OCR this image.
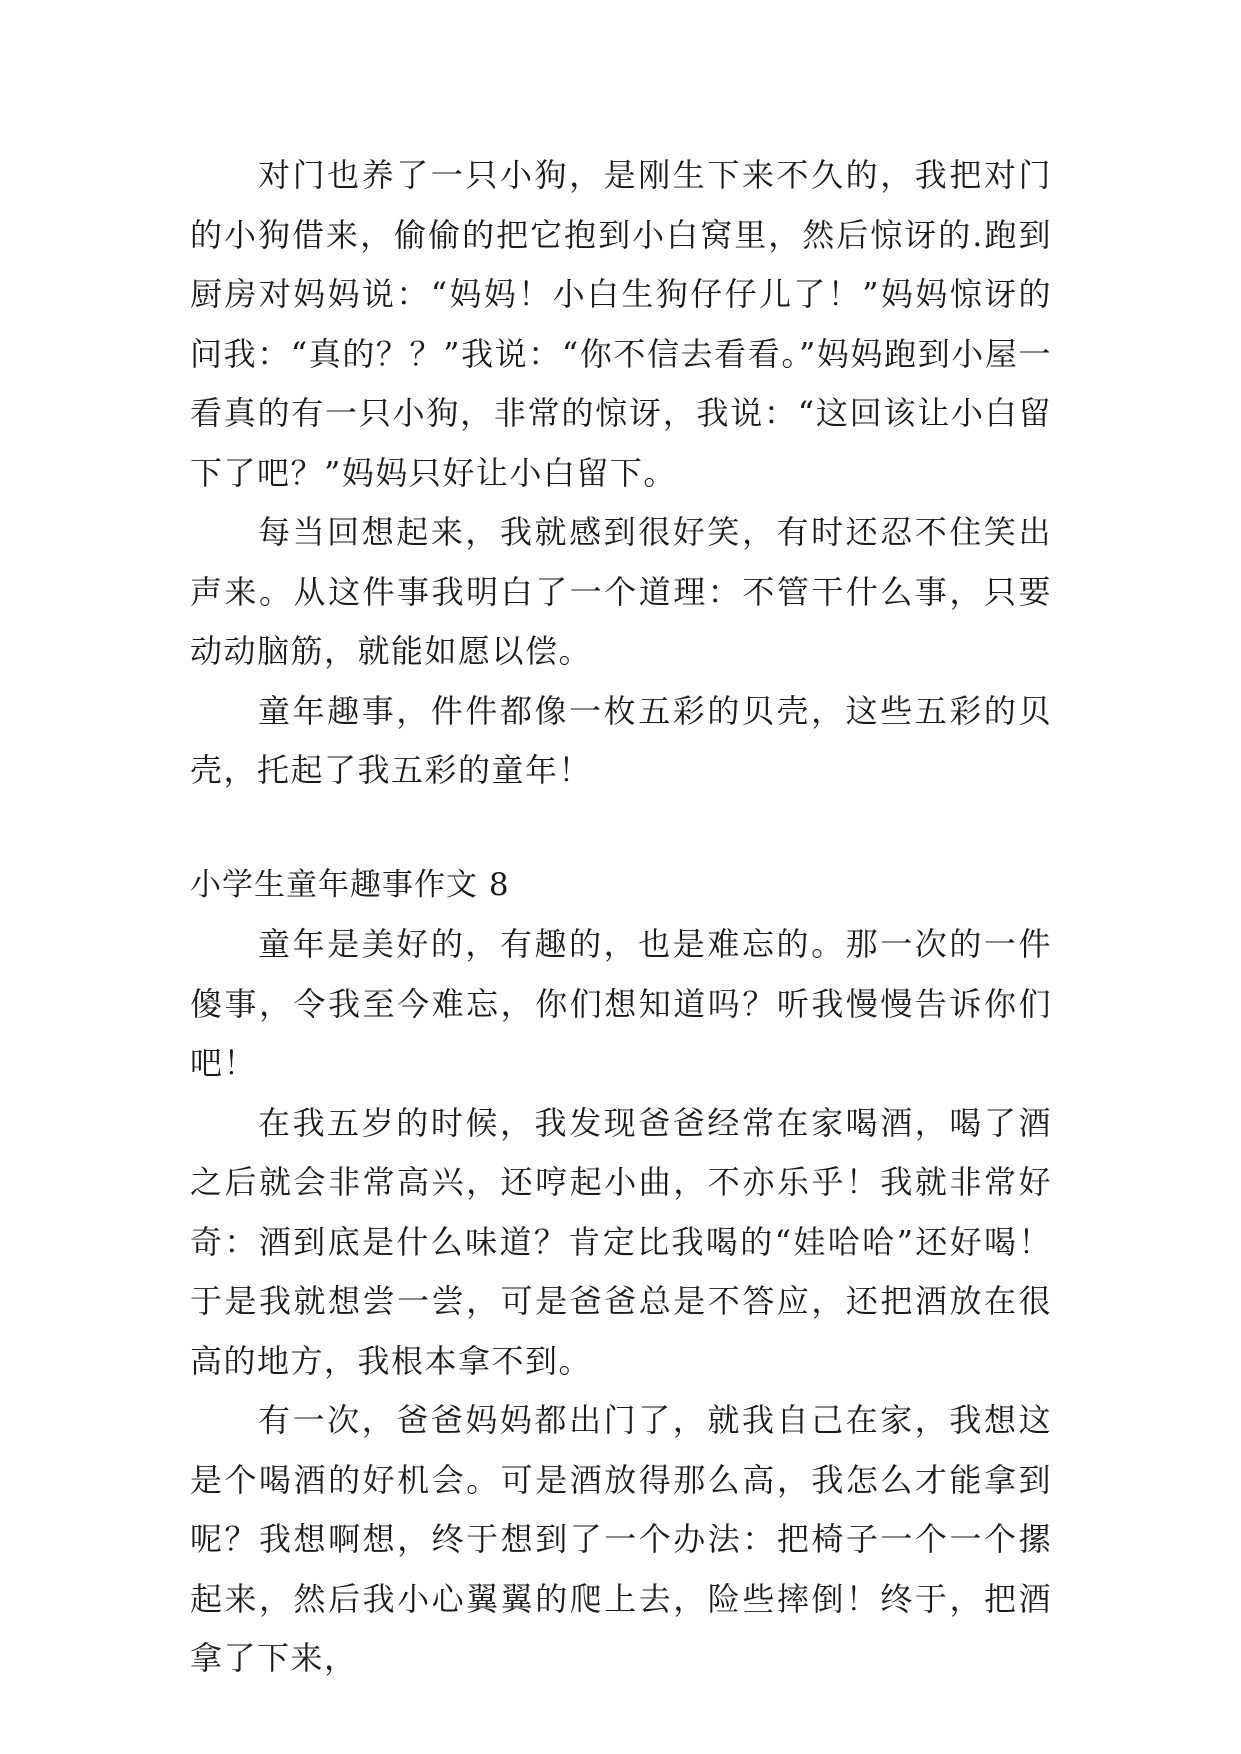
对门也养了一只小狗，是刚生下来不久的，我把对门的小狗借来，偷偷的把它抱到小白窝里，然后惊讶的.跑到厨房对妈妈说：“妈妈！小白生狗仔仔儿了！”妈妈惊讶的问我：“真的？？”我说：“你不信去看看。”妈妈跑到小屋一看真的有一只小狗，非常的惊讶，我说：“这回该让小白留下了吧？”妈妈只好让小白留下。

每当回想起来，我就感到很好笑，有时还忍不住笑出声来。从这件事我明白了一个道理：不管干什么事，只要动动脑筋，就能如愿以偿。

童年趣事，件件都像一枚五彩的贝壳，这些五彩的贝壳，托起了我五彩的童年！

小学生童年趣事作文 8

童年是美好的，有趣的，也是难忘的。那一次的一件傻事，令我至今难忘，你们想知道吗？听我慢慢告诉你们吧！

在我五岁的时候，我发现爸爸经常在家喝酒，喝了酒之后就会非常高兴，还哼起小曲，不亦乐乎！我就非常好奇：酒到底是什么味道？肯定比我喝的“娃哈哈”还好喝！于是我就想尝一尝，可是爸爸总是不答应，还把酒放在很高的地方，我根本拿不到。

有一次，爸爸妈妈都出门了，就我自己在家，我想这是个喝酒的好机会。可是酒放得那么高，我怎么才能拿到呢？我想啊想，终于想到了一个办法：把椅子一个一个摞起来，然后我小心翼翼的爬上去，险些摔倒！终于，把酒拿了下来，
